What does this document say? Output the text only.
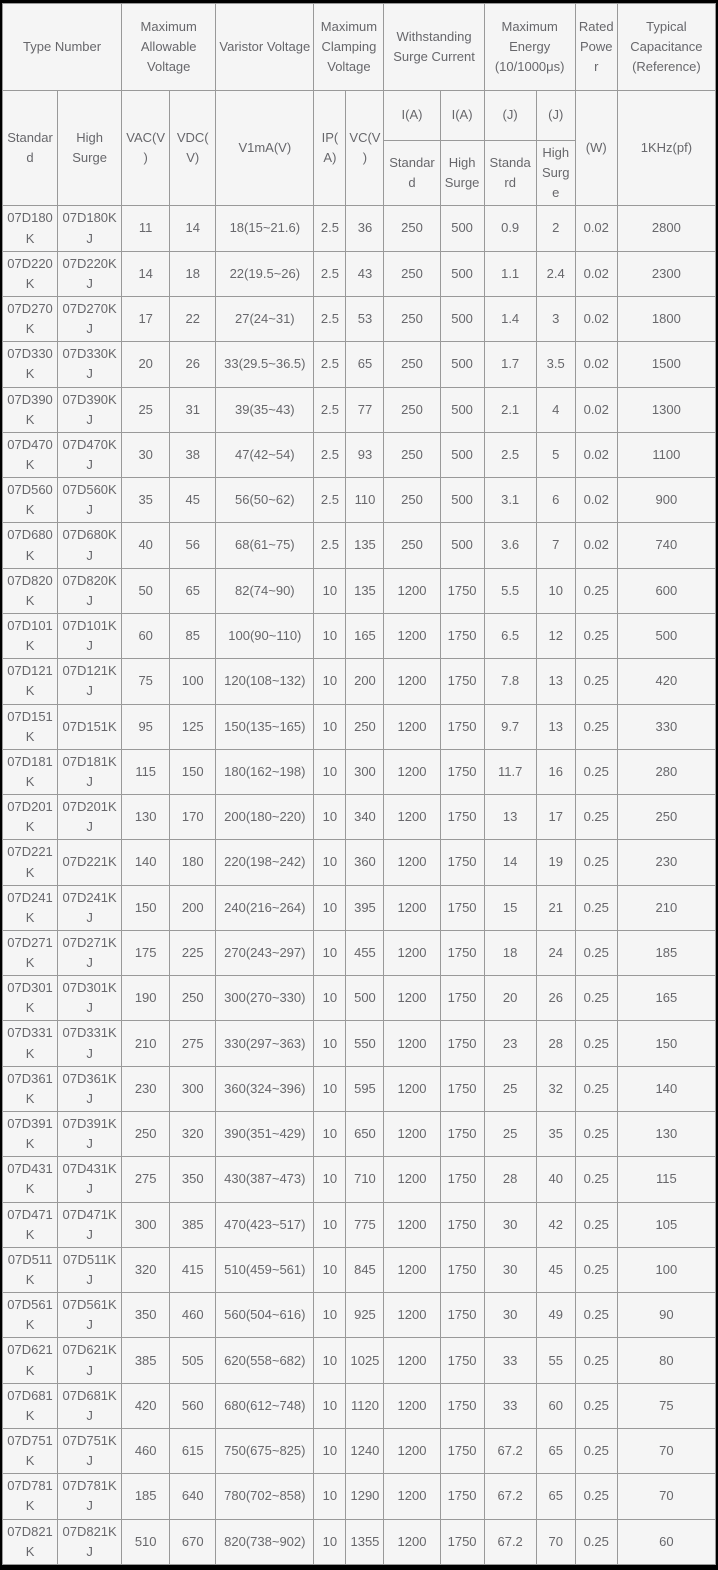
Type Number		Maximum Allowable Voltage		Varistor Voltage	Maximum Clamping Voltage		Withstanding Surge Current		Maximum Energy (10/1000μs)		Rated Power	Typical Capacitance (Reference)
Standard	High Surge	VAC(V)	VDC(V)	V1mA(V)	IP(A)	VC(V)	I(A)	I(A)	(J)	(J)	(W)	1KHz(pf)
							Standard	High Surge	Standard	High Surge		
07D180K	07D180KJ	11	14	18(15~21.6)	2.5	36	250	500	0.9	2	0.02	2800
07D220K	07D220KJ	14	18	22(19.5~26)	2.5	43	250	500	1.1	2.4	0.02	2300
07D270K	07D270KJ	17	22	27(24~31)	2.5	53	250	500	1.4	3	0.02	1800
07D330K	07D330KJ	20	26	33(29.5~36.5)	2.5	65	250	500	1.7	3.5	0.02	1500
07D390K	07D390KJ	25	31	39(35~43)	2.5	77	250	500	2.1	4	0.02	1300
07D470K	07D470KJ	30	38	47(42~54)	2.5	93	250	500	2.5	5	0.02	1100
07D560K	07D560KJ	35	45	56(50~62)	2.5	110	250	500	3.1	6	0.02	900
07D680K	07D680KJ	40	56	68(61~75)	2.5	135	250	500	3.6	7	0.02	740
07D820K	07D820KJ	50	65	82(74~90)	10	135	1200	1750	5.5	10	0.25	600
07D101K	07D101KJ	60	85	100(90~110)	10	165	1200	1750	6.5	12	0.25	500
07D121K	07D121KJ	75	100	120(108~132)	10	200	1200	1750	7.8	13	0.25	420
07D151K	07D151K	95	125	150(135~165)	10	250	1200	1750	9.7	13	0.25	330
07D181K	07D181KJ	115	150	180(162~198)	10	300	1200	1750	11.7	16	0.25	280
07D201K	07D201KJ	130	170	200(180~220)	10	340	1200	1750	13	17	0.25	250
07D221K	07D221K	140	180	220(198~242)	10	360	1200	1750	14	19	0.25	230
07D241K	07D241KJ	150	200	240(216~264)	10	395	1200	1750	15	21	0.25	210
07D271K	07D271KJ	175	225	270(243~297)	10	455	1200	1750	18	24	0.25	185
07D301K	07D301KJ	190	250	300(270~330)	10	500	1200	1750	20	26	0.25	165
07D331K	07D331KJ	210	275	330(297~363)	10	550	1200	1750	23	28	0.25	150
07D361K	07D361KJ	230	300	360(324~396)	10	595	1200	1750	25	32	0.25	140
07D391K	07D391KJ	250	320	390(351~429)	10	650	1200	1750	25	35	0.25	130
07D431K	07D431KJ	275	350	430(387~473)	10	710	1200	1750	28	40	0.25	115
07D471K	07D471KJ	300	385	470(423~517)	10	775	1200	1750	30	42	0.25	105
07D511K	07D511KJ	320	415	510(459~561)	10	845	1200	1750	30	45	0.25	100
07D561K	07D561KJ	350	460	560(504~616)	10	925	1200	1750	30	49	0.25	90
07D621K	07D621KJ	385	505	620(558~682)	10	1025	1200	1750	33	55	0.25	80
07D681K	07D681KJ	420	560	680(612~748)	10	1120	1200	1750	33	60	0.25	75
07D751K	07D751KJ	460	615	750(675~825)	10	1240	1200	1750	67.2	65	0.25	70
07D781K	07D781KJ	185	640	780(702~858)	10	1290	1200	1750	67.2	65	0.25	70
07D821K	07D821KJ	510	670	820(738~902)	10	1355	1200	1750	67.2	70	0.25	60
